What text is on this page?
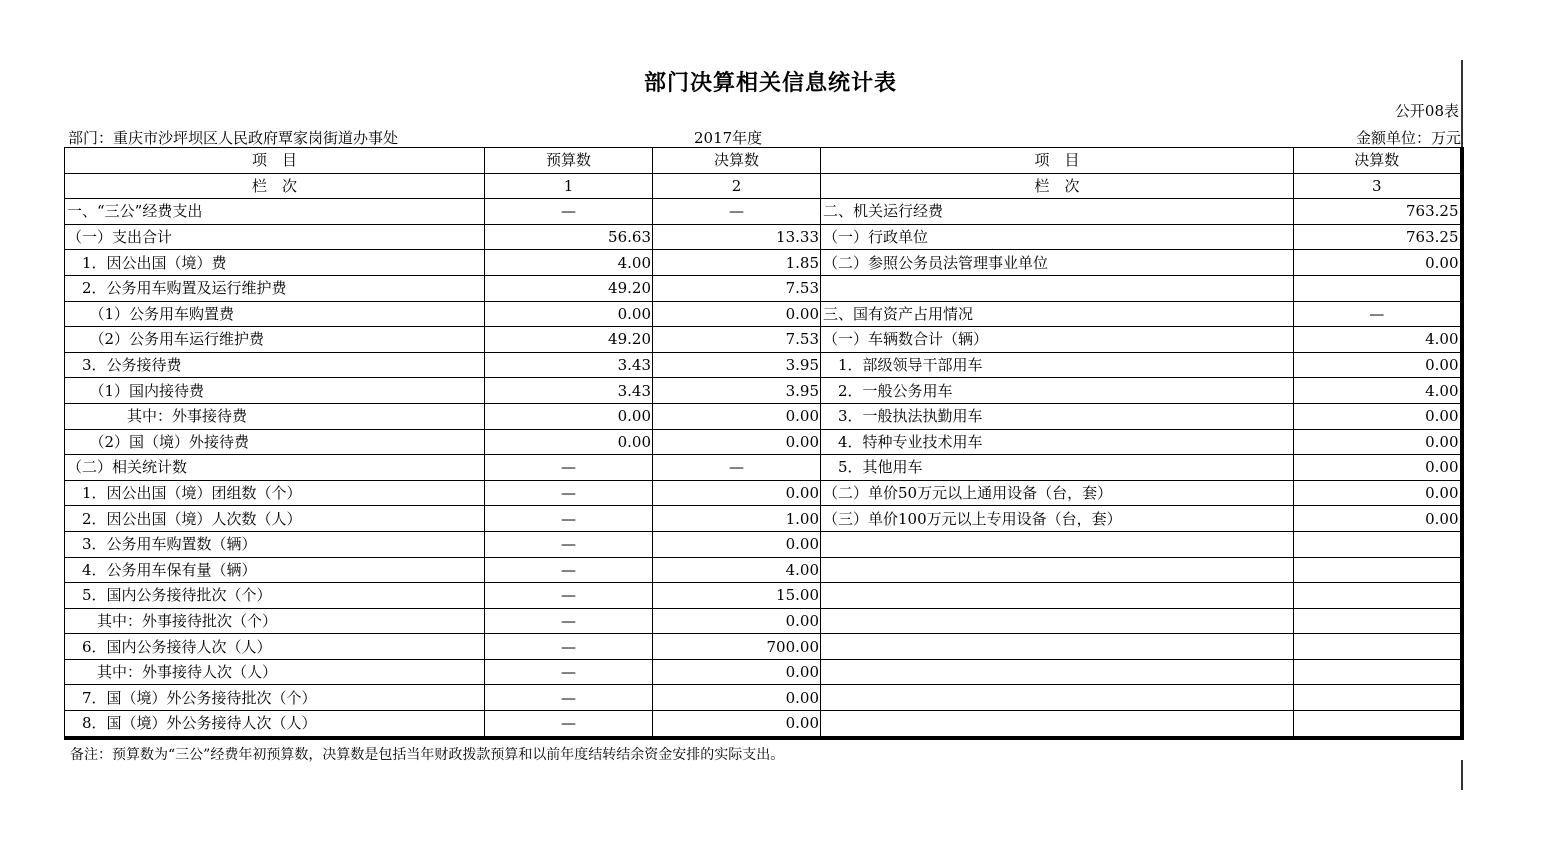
部门决算相关信息统计表
公开08表
部门：重庆市沙坪坝区人民政府覃家岗街道办事处	2017年度	金额单位：万元
项　目	预算数	决算数	项　目	决算数
栏　次	1	2	栏　次	3
一、“三公”经费支出	—	—	二、机关运行经费	763.25
（一）支出合计	56.63	13.33	（一）行政单位	763.25
　1．因公出国（境）费	4.00	1.85	（二）参照公务员法管理事业单位	0.00
　2．公务用车购置及运行维护费	49.20	7.53		
　　（1）公务用车购置费	0.00	0.00	三、国有资产占用情况	—
　　（2）公务用车运行维护费	49.20	7.53	（一）车辆数合计（辆）	4.00
　3．公务接待费	3.43	3.95	　1．部级领导干部用车	0.00
　　（1）国内接待费	3.43	3.95	　2．一般公务用车	4.00
　　　　其中：外事接待费	0.00	0.00	　3．一般执法执勤用车	0.00
　　（2）国（境）外接待费	0.00	0.00	　4．特种专业技术用车	0.00
（二）相关统计数	—	—	　5．其他用车	0.00
　1．因公出国（境）团组数（个）	—	0.00	（二）单价50万元以上通用设备（台，套）	0.00
　2．因公出国（境）人次数（人）	—	1.00	（三）单价100万元以上专用设备（台，套）	0.00
　3．公务用车购置数（辆）	—	0.00		
　4．公务用车保有量（辆）	—	4.00		
　5．国内公务接待批次（个）	—	15.00		
　　其中：外事接待批次（个）	—	0.00		
　6．国内公务接待人次（人）	—	700.00		
　　其中：外事接待人次（人）	—	0.00		
　7．国（境）外公务接待批次（个）	—	0.00		
　8．国（境）外公务接待人次（人）	—	0.00		
备注：预算数为“三公”经费年初预算数，决算数是包括当年财政拨款预算和以前年度结转结余资金安排的实际支出。
